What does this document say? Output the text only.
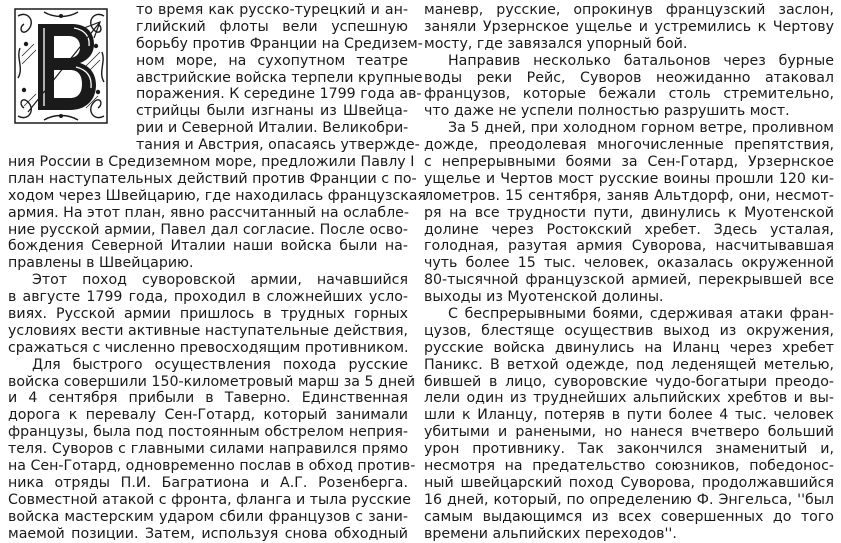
то время как русско-турецкий и ан-
глийский флоты вели успешную
борьбу против Франции на Средизем-
ном море, на сухопутном театре
австрийские войска терпели крупные
поражения. К середине 1799 года ав-
стрийцы были изгнаны из Швейца-
рии и Северной Италии. Великобри-
тания и Австрия, опасаясь утвержде-
ния России в Средиземном море, предложили Павлу I
план наступательных действий против Франции с по-
ходом через Швейцарию, где находилась французская
армия. На этот план, явно рассчитанный на ослабле-
ние русской армии, Павел дал согласие. После осво-
бождения Северной Италии наши войска были на-
правлены в Швейцарию.
Этот поход суворовской армии, начавшийся
в августе 1799 года, проходил в сложнейших усло-
виях. Русской армии пришлось в трудных горных
условиях вести активные наступательные действия,
сражаться с численно превосходящим противником.
Для быстрого осуществления похода русские
войска совершили 150-километровый марш за 5 дней
и 4 сентября прибыли в Таверно. Единственная
дорога к перевалу Сен-Готард, который занимали
французы, была под постоянным обстрелом неприя-
теля. Суворов с главными силами направился прямо
на Сен-Готард, одновременно послав в обход против-
ника отряды П.И. Багратиона и А.Г. Розенберга.
Совместной атакой с фронта, фланга и тыла русские
войска мастерским ударом сбили французов с зани-
маемой позиции. Затем, используя снова обходный
маневр, русские, опрокинув французский заслон,
заняли Урзернское ущелье и устремились к Чертову
мосту, где завязался упорный бой.
Направив несколько батальонов через бурные
воды реки Рейс, Суворов неожиданно атаковал
французов, которые бежали столь стремительно,
что даже не успели полностью разрушить мост.
За 5 дней, при холодном горном ветре, проливном
дожде, преодолевая многочисленные препятствия,
с непрерывными боями за Сен-Готард, Урзернское
ущелье и Чертов мост русские воины прошли 120 ки-
лометров. 15 сентября, заняв Альтдорф, они, несмот-
ря на все трудности пути, двинулись к Муотенской
долине через Ростокский хребет. Здесь усталая,
голодная, разутая армия Суворова, насчитывавшая
чуть более 15 тыс. человек, оказалась окруженной
80-тысячной французской армией, перекрывшей все
выходы из Муотенской долины.
С беспрерывными боями, сдерживая атаки фран-
цузов, блестяще осуществив выход из окружения,
русские войска двинулись на Иланц через хребет
Паникс. В ветхой одежде, под леденящей метелью,
бившей в лицо, суворовские чудо-богатыри преодо-
лели один из труднейших альпийских хребтов и вы-
шли к Иланцу, потеряв в пути более 4 тыс. человек
убитыми и ранеными, но нанеся вчетверо больший
урон противнику. Так закончился знаменитый и,
несмотря на предательство союзников, победонос-
ный швейцарский поход Суворова, продолжавшийся
16 дней, который, по определению Ф. Энгельса, ''был
самым выдающимся из всех совершенных до того
времени альпийских переходов''.
